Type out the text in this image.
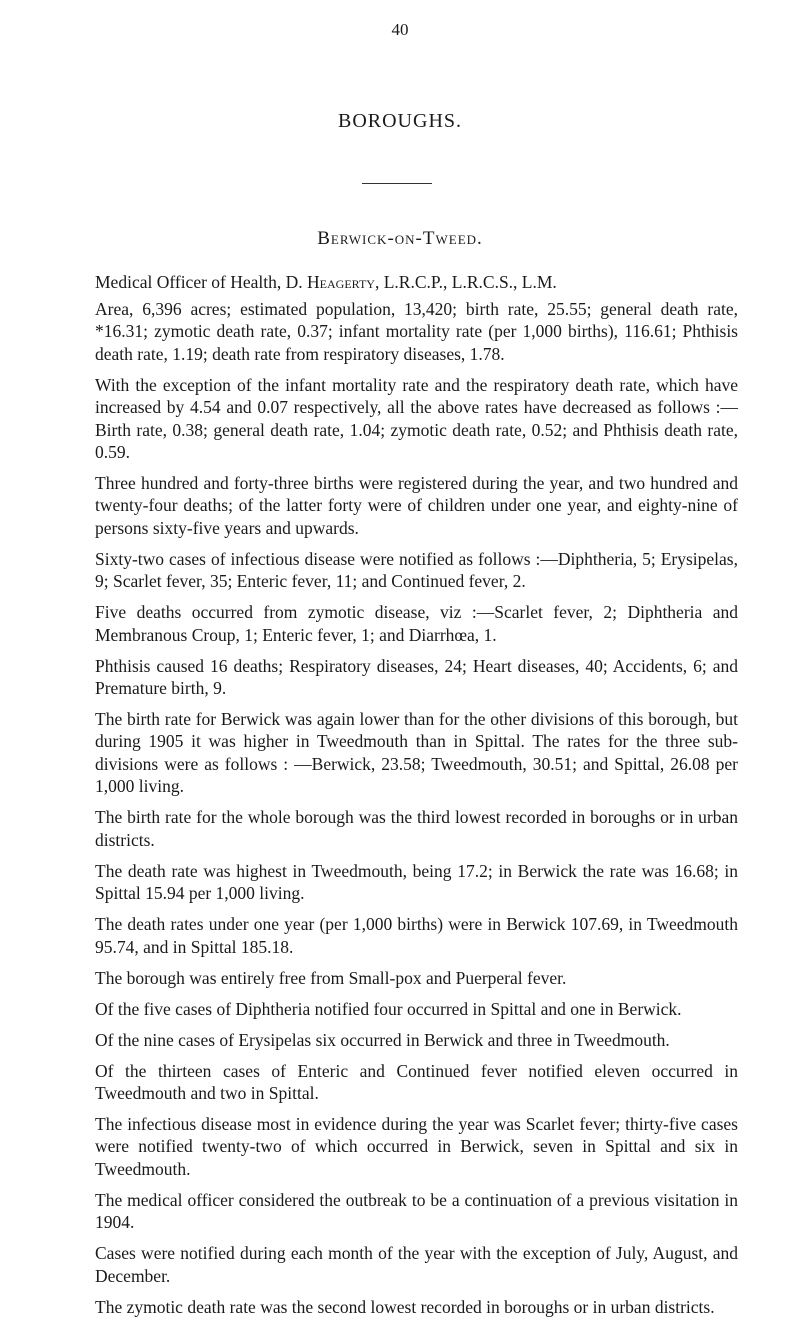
40
BOROUGHS.
Berwick-on-Tweed.
Medical Officer of Health, D. Heagerty, L.R.C.P., L.R.C.S., L.M.

Area, 6,396 acres; estimated population, 13,420; birth rate, 25.55; general death rate, *16.31; zymotic death rate, 0.37; infant mortality rate (per 1,000 births), 116.61; Phthisis death rate, 1.19; death rate from respiratory diseases, 1.78.

With the exception of the infant mortality rate and the respiratory death rate, which have increased by 4.54 and 0.07 respectively, all the above rates have decreased as follows :—Birth rate, 0.38; general death rate, 1.04; zymotic death rate, 0.52; and Phthisis death rate, 0.59.

Three hundred and forty-three births were registered during the year, and two hundred and twenty-four deaths; of the latter forty were of children under one year, and eighty-nine of persons sixty-five years and upwards.

Sixty-two cases of infectious disease were notified as follows :—Diphtheria, 5; Erysipelas, 9; Scarlet fever, 35; Enteric fever, 11; and Continued fever, 2.

Five deaths occurred from zymotic disease, viz :—Scarlet fever, 2; Diphtheria and Membranous Croup, 1; Enteric fever, 1; and Diarrhœa, 1.

Phthisis caused 16 deaths; Respiratory diseases, 24; Heart diseases, 40; Accidents, 6; and Premature birth, 9.

The birth rate for Berwick was again lower than for the other divisions of this borough, but during 1905 it was higher in Tweedmouth than in Spittal. The rates for the three sub-divisions were as follows : —Berwick, 23.58; Tweedmouth, 30.51; and Spittal, 26.08 per 1,000 living.

The birth rate for the whole borough was the third lowest recorded in boroughs or in urban districts.

The death rate was highest in Tweedmouth, being 17.2; in Berwick the rate was 16.68; in Spittal 15.94 per 1,000 living.

The death rates under one year (per 1,000 births) were in Berwick 107.69, in Tweedmouth 95.74, and in Spittal 185.18.

The borough was entirely free from Small-pox and Puerperal fever.

Of the five cases of Diphtheria notified four occurred in Spittal and one in Berwick.

Of the nine cases of Erysipelas six occurred in Berwick and three in Tweedmouth.

Of the thirteen cases of Enteric and Continued fever notified eleven occurred in Tweedmouth and two in Spittal.

The infectious disease most in evidence during the year was Scarlet fever; thirty-five cases were notified twenty-two of which occurred in Berwick, seven in Spittal and six in Tweedmouth.

The medical officer considered the outbreak to be a continuation of a previous visitation in 1904.

Cases were notified during each month of the year with the exception of July, August, and December.

The zymotic death rate was the second lowest recorded in boroughs or in urban districts.
